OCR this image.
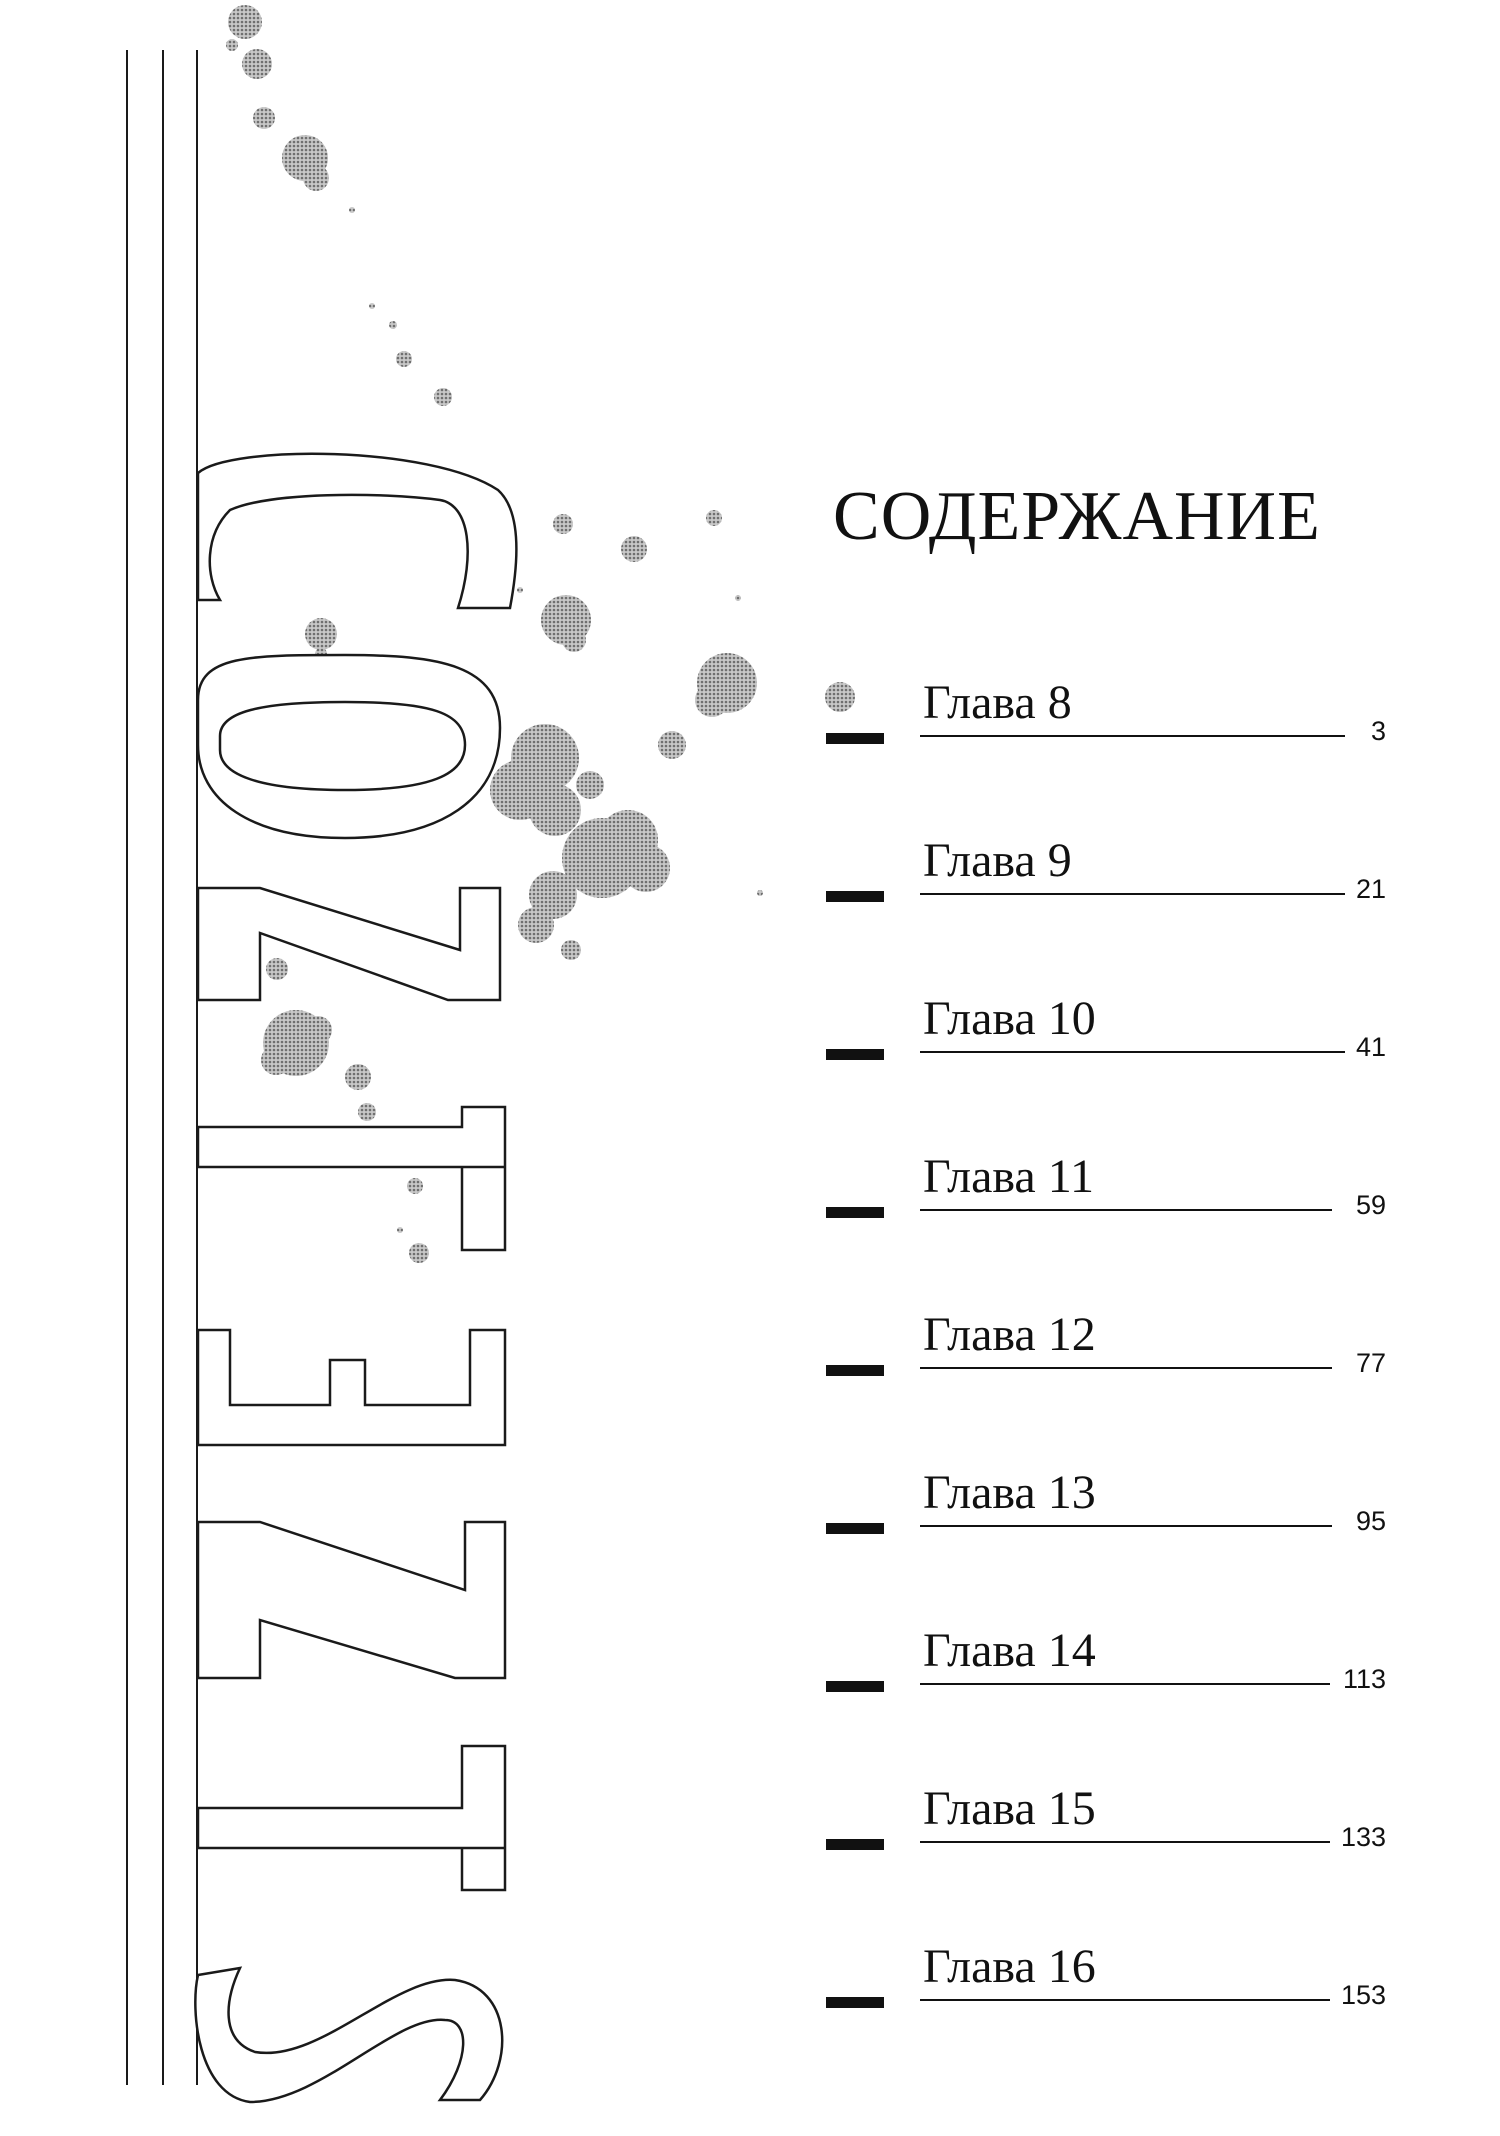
СОДЕРЖАНИЕ
Глава 8
3
Глава 9
21
Глава 10
41
Глава 11
59
Глава 12
77
Глава 13
95
Глава 14
113
Глава 15
133
Глава 16
153
